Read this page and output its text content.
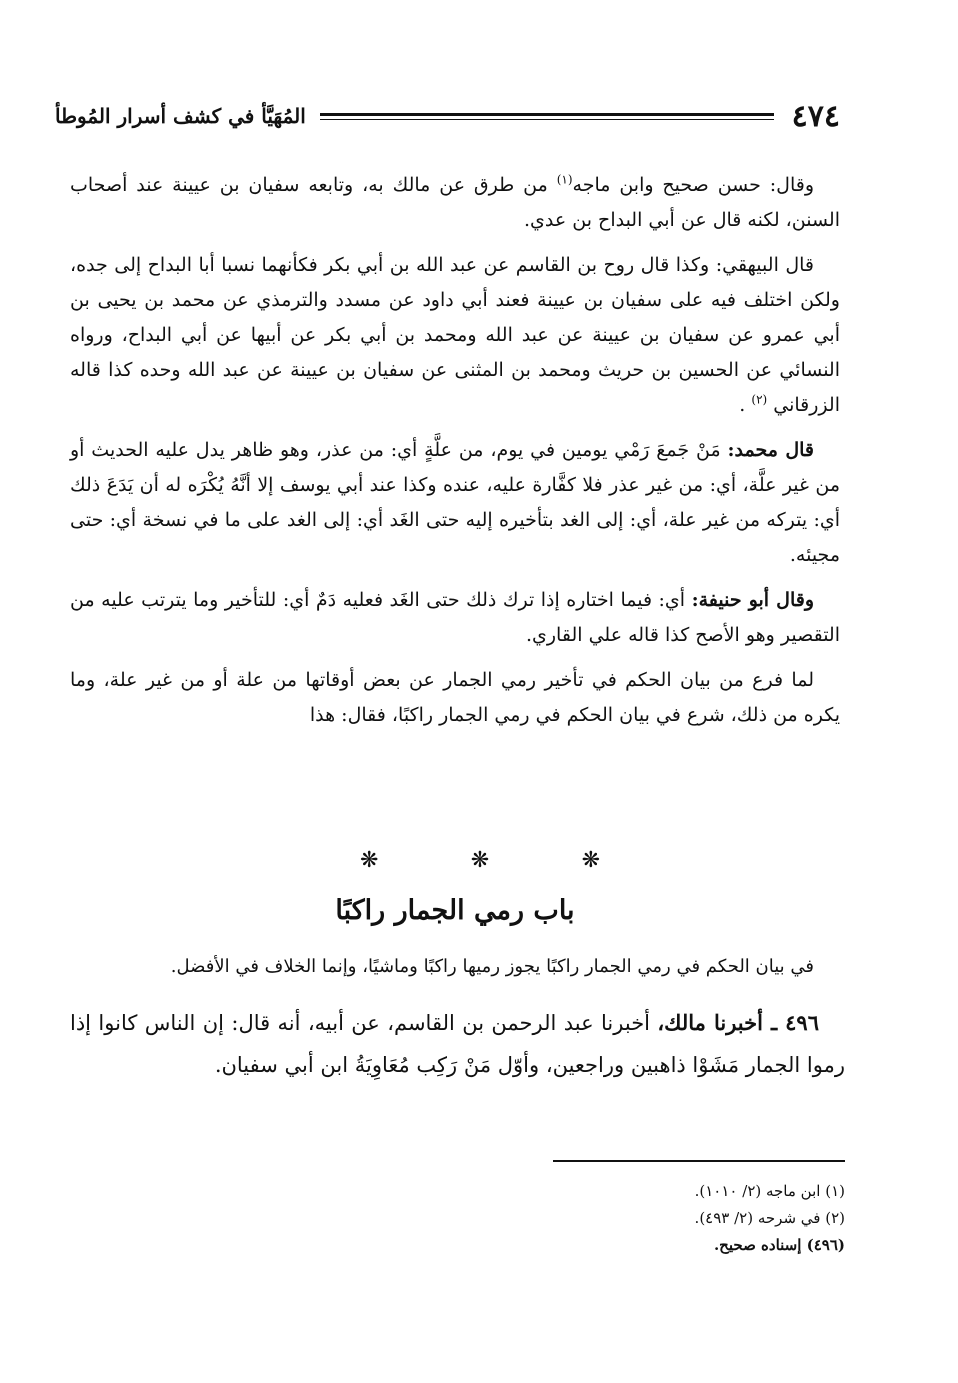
٤٧٤
المُهَيَّأ في كشف أسرار المُوطأ

وقال: حسن صحيح وابن ماجه$^{(١)}$ من طرق عن مالك به، وتابعه سفيان بن عيينة عند أصحاب السنن، لكنه قال عن أبي البداح بن عدي.

قال البيهقي: وكذا قال روح بن القاسم عن عبد الله بن أبي بكر فكأنهما نسبا أبا البداح إلى جده، ولكن اختلف فيه على سفيان بن عيينة فعند أبي داود عن مسدد والترمذي عن محمد بن يحيى بن أبي عمرو عن سفيان بن عيينة عن عبد الله ومحمد بن أبي بكر عن أبيها عن أبي البداح، ورواه النسائي عن الحسين بن حريث ومحمد بن المثنى عن سفيان بن عيينة عن عبد الله وحده كذا قاله الزرقاني $^{(٢)}$ .

قال محمد: مَنْ جَمعَ رَمْي يومين في يوم، من علَّةٍ أي: من عذر، وهو ظاهر يدل عليه الحديث أو من غير علَّة، أي: من غير عذر فلا كفَّارة عليه، عنده وكذا عند أبي يوسف إلا أنَّهُ يُكْرَه له أن يَدَعَ ذلك أي: يتركه من غير علة، أي: إلى الغد بتأخيره إليه حتى الغَد أي: إلى الغد على ما في نسخة أي: حتى مجيئه.

وقال أبو حنيفة: أي: فيما اختاره إذا ترك ذلك حتى الغَد فعليه دَمٌ أي: للتأخير وما يترتب عليه من التقصير وهو الأصح كذا قاله علي القاري.

لما فرع من بيان الحكم في تأخير رمي الجمار عن بعض أوقاتها من علة أو من غير علة، وما يكره من ذلك، شرع في بيان الحكم في رمي الجمار راكبًا، فقال: هذا

❋
❋
❋
باب رمي الجمار راكبًا
في بيان الحكم في رمي الجمار راكبًا يجوز رميها راكبًا وماشيًا، وإنما الخلاف في الأفضل.

٤٩٦ ـ أخبرنا مالك، أخبرنا عبد الرحمن بن القاسم، عن أبيه، أنه قال: إن الناس كانوا إذا رموا الجمار مَشَوْا ذاهبين وراجعين، وأوّل مَنْ رَكِب مُعَاوِيَةُ ابن أبي سفيان.

(١) ابن ماجه (٢/ ١٠١٠).
(٢) في شرحه (٢/ ٤٩٣).
(٤٩٦) إسناده صحيح.
